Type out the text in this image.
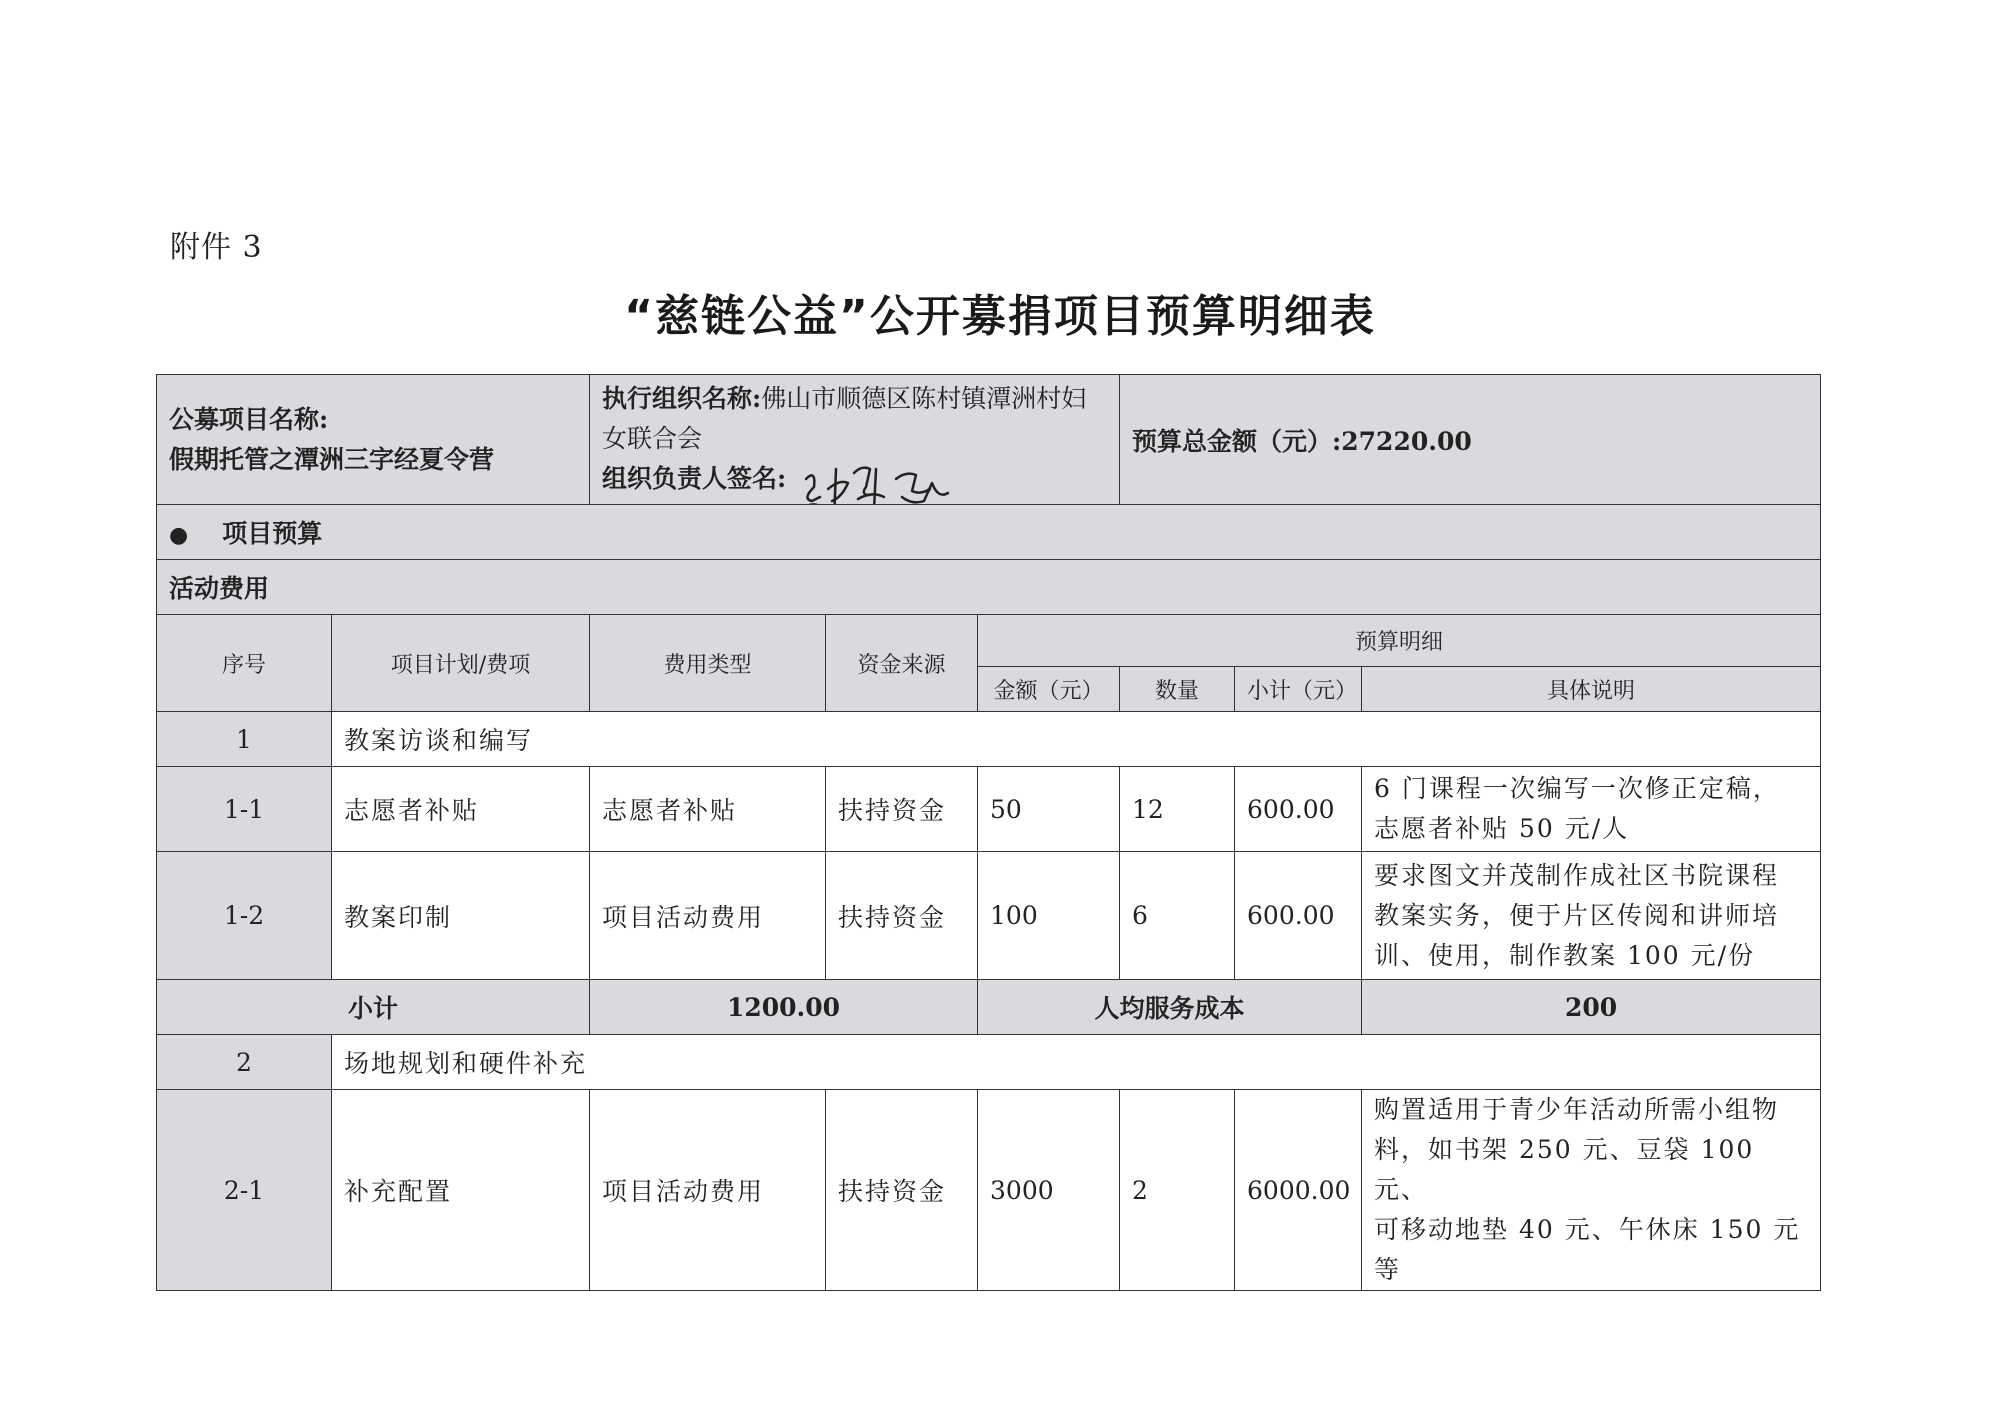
附件 3
“慈链公益”公开募捐项目预算明细表
公募项目名称:
假期托管之潭洲三字经夏令营		执行组织名称:佛山市顺德区陈村镇潭洲村妇女联合会
组织负责人签名:			预算总金额（元）:27220.00		
● 项目预算							
活动费用							
序号	项目计划/费项	费用类型	资金来源	预算明细			
				金额（元）	数量	小计（元）	具体说明
1	教案访谈和编写						
1-1	志愿者补贴	志愿者补贴	扶持资金	50	12	600.00	6 门课程一次编写一次修正定稿，
志愿者补贴 50 元/人

1-2	教案印制	项目活动费用	扶持资金	100	6	600.00	要求图文并茂制作成社区书院课程
教案实务，便于片区传阅和讲师培
训、使用，制作教案 100 元/份

小计		1200.00		人均服务成本			200
2	场地规划和硬件补充						
2-1	补充配置	项目活动费用	扶持资金	3000	2	6000.00	购置适用于青少年活动所需小组物
料，如书架 250 元、豆袋 100 元、
可移动地垫 40 元、午休床 150 元等
